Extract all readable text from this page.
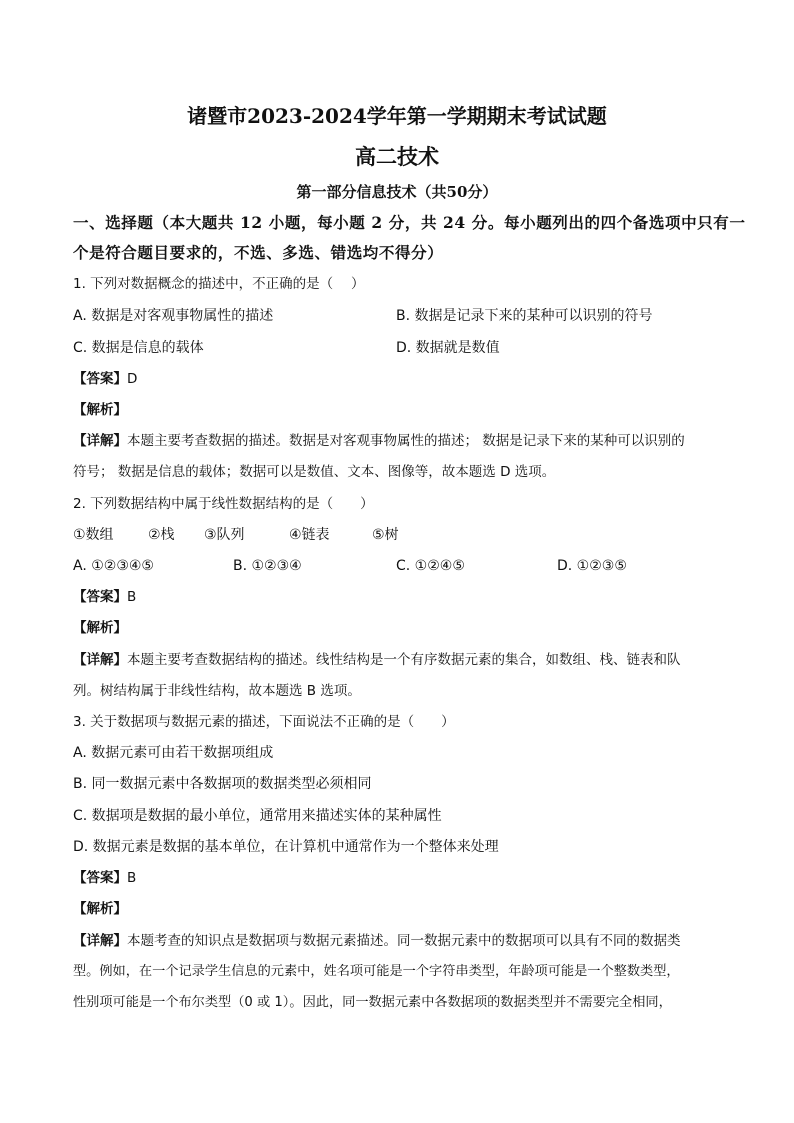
诸暨市2023-2024学年第一学期期末考试试题
高二技术
第一部分信息技术（共50分）
一、选择题（本大题共 12 小题，每小题 2 分，共 24 分。每小题列出的四个备选项中只有一
个是符合题目要求的，不选、多选、错选均不得分）
1. 下列对数据概念的描述中，不正确的是（　 ）
A. 数据是对客观事物属性的描述	B. 数据是记录下来的某种可以识别的符号
C. 数据是信息的载体	D. 数据就是数值
【答案】D
【解析】
【详解】本题主要考查数据的描述。数据是对客观事物属性的描述； 数据是记录下来的某种可以识别的
符号； 数据是信息的载体；数据可以是数值、文本、图像等，故本题选 D 选项。
2. 下列数据结构中属于线性数据结构的是（　　）
①数组 ②栈 ③队列	④链表	⑤树
A. ①②③④⑤	B. ①②③④	C. ①②④⑤	D. ①②③⑤
【答案】B
【解析】
【详解】本题主要考查数据结构的描述。线性结构是一个有序数据元素的集合，如数组、栈、链表和队
列。树结构属于非线性结构，故本题选 B 选项。
3. 关于数据项与数据元素的描述，下面说法不正确的是（　　）
A. 数据元素可由若干数据项组成
B. 同一数据元素中各数据项的数据类型必须相同
C. 数据项是数据的最小单位，通常用来描述实体的某种属性
D. 数据元素是数据的基本单位，在计算机中通常作为一个整体来处理
【答案】B
【解析】
【详解】本题考查的知识点是数据项与数据元素描述。同一数据元素中的数据项可以具有不同的数据类
型。例如，在一个记录学生信息的元素中，姓名项可能是一个字符串类型，年龄项可能是一个整数类型，
性别项可能是一个布尔类型（0 或 1）。因此，同一数据元素中各数据项的数据类型并不需要完全相同，
